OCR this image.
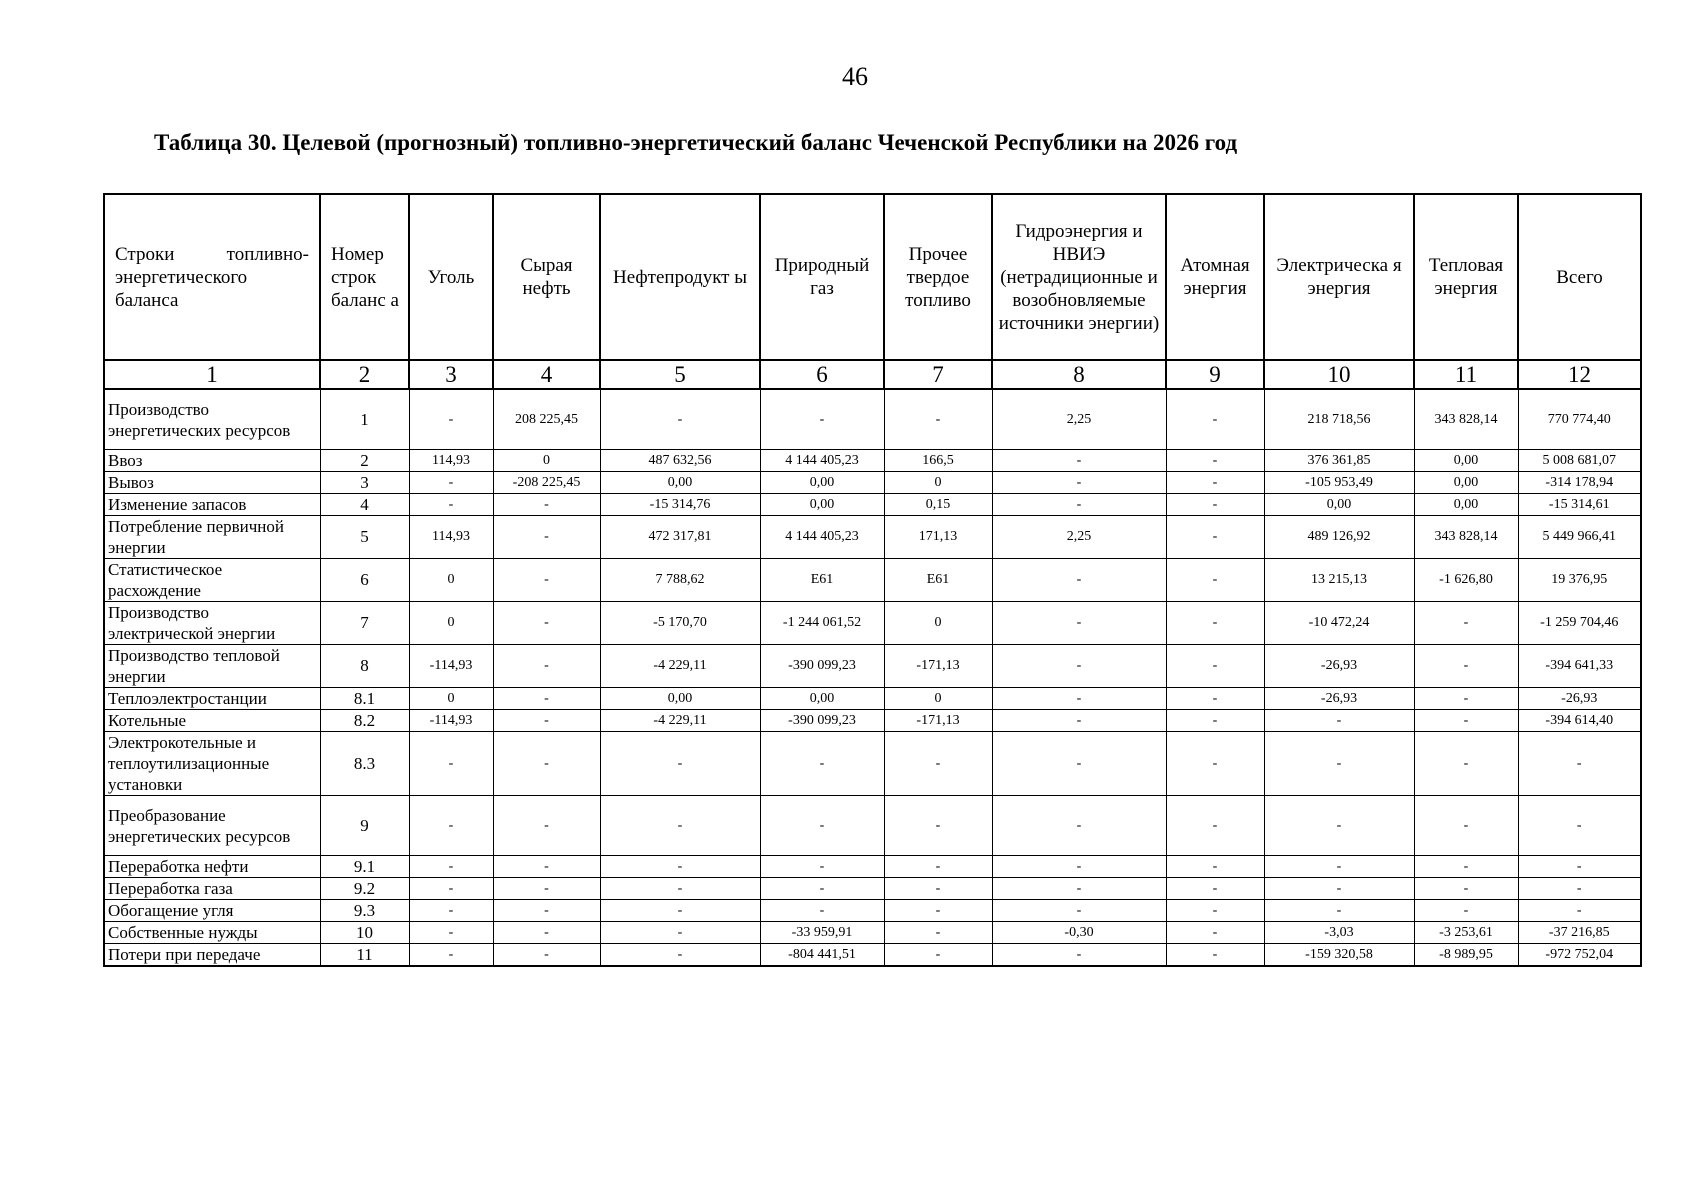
46
Таблица 30. Целевой (прогнозный) топливно-энергетический баланс Чеченской Республики на 2026 год
Строки топливно-энергетического баланса	Номер строк баланс а	Уголь	Сырая нефть	Нефтепродукт ы	Природный газ	Прочее твердое топливо	Гидроэнергия и НВИЭ (нетрадиционные и возобновляемые источники энергии)	Атомная энергия	Электрическа я энергия	Тепловая энергия	Всего
1	2	3	4	5	6	7	8	9	10	11	12
Производство энергетических ресурсов	1	-	208 225,45	-	-	-	2,25	-	218 718,56	343 828,14	770 774,40
Ввоз	2	114,93	0	487 632,56	4 144 405,23	166,5	-	-	376 361,85	0,00	5 008 681,07
Вывоз	3	-	-208 225,45	0,00	0,00	0	-	-	-105 953,49	0,00	-314 178,94
Изменение запасов	4	-	-	-15 314,76	0,00	0,15	-	-	0,00	0,00	-15 314,61
Потребление первичной энергии	5	114,93	-	472 317,81	4 144 405,23	171,13	2,25	-	489 126,92	343 828,14	5 449 966,41
Статистическое расхождение	6	0	-	7 788,62	E61	E61	-	-	13 215,13	-1 626,80	19 376,95
Производство электрической энергии	7	0	-	-5 170,70	-1 244 061,52	0	-	-	-10 472,24	-	-1 259 704,46
Производство тепловой энергии	8	-114,93	-	-4 229,11	-390 099,23	-171,13	-	-	-26,93	-	-394 641,33
Теплоэлектростанции	8.1	0	-	0,00	0,00	0	-	-	-26,93	-	-26,93
Котельные	8.2	-114,93	-	-4 229,11	-390 099,23	-171,13	-	-	-	-	-394 614,40
Электрокотельные и теплоутилизационные установки	8.3	-	-	-	-	-	-	-	-	-	-
Преобразование энергетических ресурсов	9	-	-	-	-	-	-	-	-	-	-
Переработка нефти	9.1	-	-	-	-	-	-	-	-	-	-
Переработка газа	9.2	-	-	-	-	-	-	-	-	-	-
Обогащение угля	9.3	-	-	-	-	-	-	-	-	-	-
Собственные нужды	10	-	-	-	-33 959,91	-	-0,30	-	-3,03	-3 253,61	-37 216,85
Потери при передаче	11	-	-	-	-804 441,51	-	-	-	-159 320,58	-8 989,95	-972 752,04
